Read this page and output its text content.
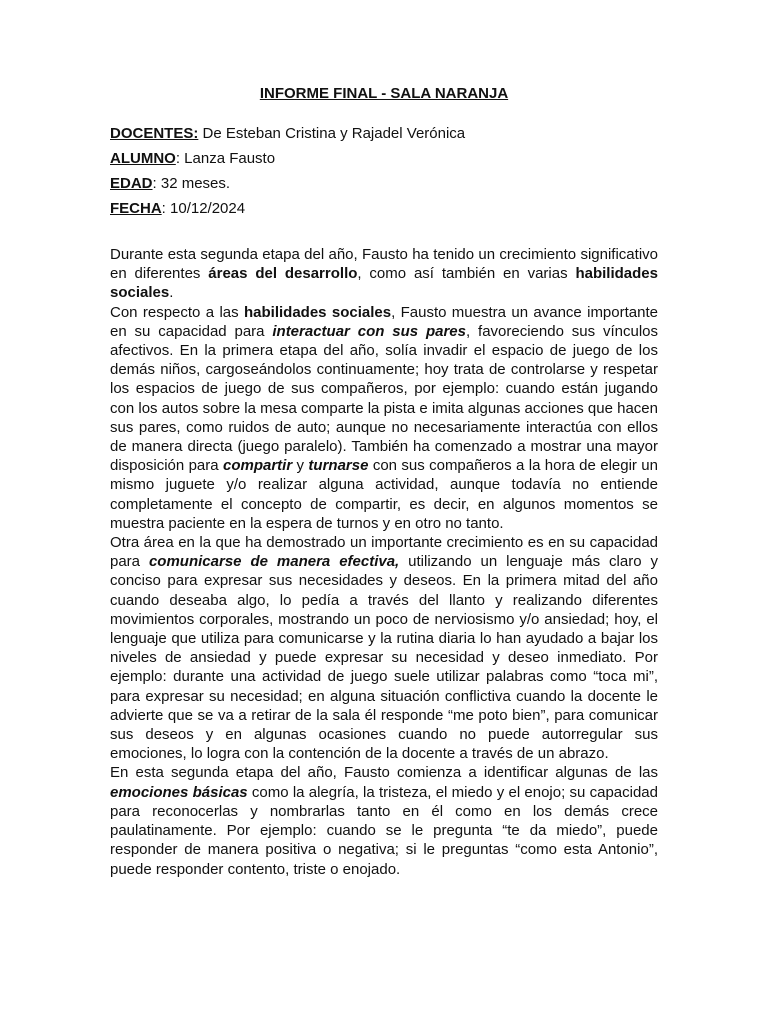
INFORME FINAL - SALA NARANJA
DOCENTES: De Esteban Cristina y Rajadel Verónica
ALUMNO: Lanza Fausto
EDAD: 32 meses.
FECHA: 10/12/2024

Durante esta segunda etapa del año, Fausto ha tenido un crecimiento significativo en diferentes áreas del desarrollo, como así también en varias habilidades sociales.

Con respecto a las habilidades sociales, Fausto muestra un avance importante en su capacidad para interactuar con sus pares, favoreciendo sus vínculos afectivos. En la primera etapa del año, solía invadir el espacio de juego de los demás niños, cargoseándolos continuamente; hoy trata de controlarse y respetar los espacios de juego de sus compañeros, por ejemplo: cuando están jugando con los autos sobre la mesa comparte la pista e imita algunas acciones que hacen sus pares, como ruidos de auto; aunque no necesariamente interactúa con ellos de manera directa (juego paralelo). También ha comenzado a mostrar una mayor disposición para compartir y turnarse con sus compañeros a la hora de elegir un mismo juguete y/o realizar alguna actividad, aunque todavía no entiende completamente el concepto de compartir, es decir, en algunos momentos se muestra paciente en la espera de turnos y en otro no tanto.

Otra área en la que ha demostrado un importante crecimiento es en su capacidad para comunicarse de manera efectiva, utilizando un lenguaje más claro y conciso para expresar sus necesidades y deseos. En la primera mitad del año cuando deseaba algo, lo pedía a través del llanto y realizando diferentes movimientos corporales, mostrando un poco de nerviosismo y/o ansiedad; hoy, el lenguaje que utiliza para comunicarse y la rutina diaria lo han ayudado a bajar los niveles de ansiedad y puede expresar su necesidad y deseo inmediato. Por ejemplo: durante una actividad de juego suele utilizar palabras como “toca mi”, para expresar su necesidad; en alguna situación conflictiva cuando la docente le advierte que se va a retirar de la sala él responde “me poto bien”, para comunicar sus deseos y en algunas ocasiones cuando no puede autorregular sus emociones, lo logra con la contención de la docente a través de un abrazo.

En esta segunda etapa del año, Fausto comienza a identificar algunas de las emociones básicas como la alegría, la tristeza, el miedo y el enojo; su capacidad para reconocerlas y nombrarlas tanto en él como en los demás crece paulatinamente. Por ejemplo: cuando se le pregunta “te da miedo”, puede responder de manera positiva o negativa; si le preguntas “como esta Antonio”, puede responder contento, triste o enojado.
